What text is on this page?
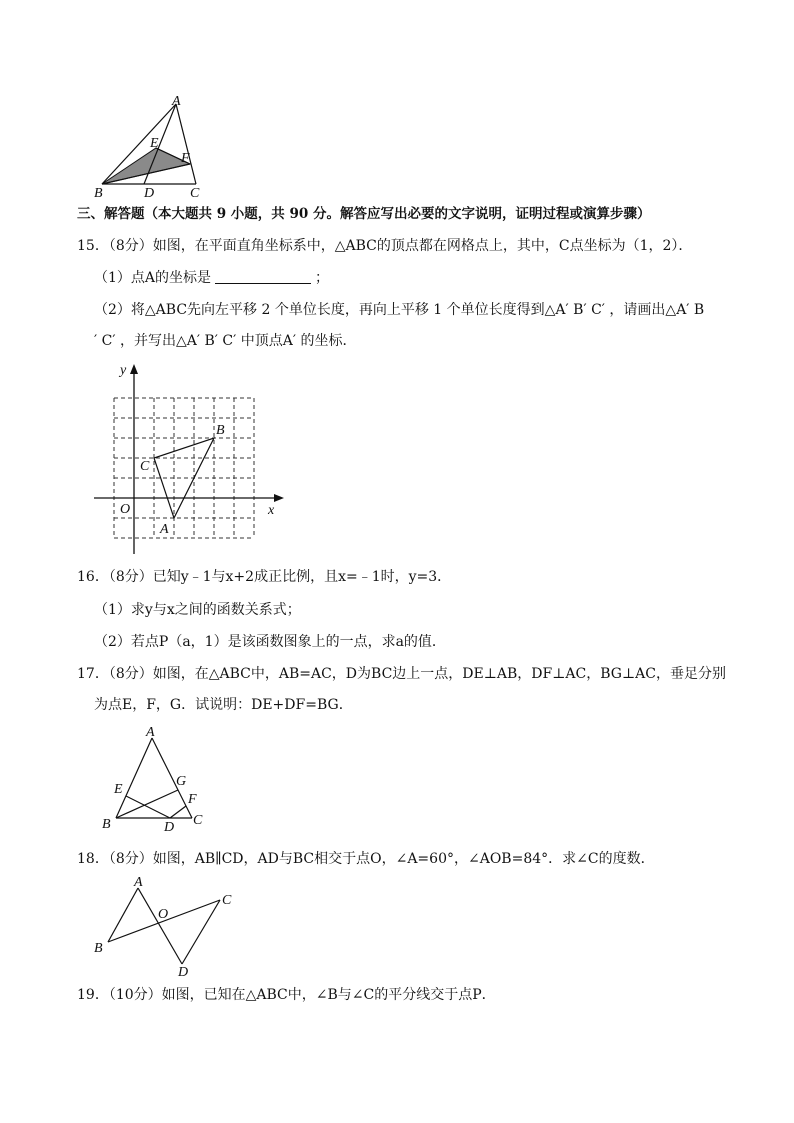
A
E
F
B	D	C
三、解答题（本大题共 9 小题，共 90 分。解答应写出必要的文字说明，证明过程或演算步骤）
15．（8分）如图，在平面直角坐标系中，△ABC的顶点都在网格点上，其中，C点坐标为（1，2）．
（1）点A的坐标是	；
（2）将△ABC先向左平移 2 个单位长度，再向上平移 1 个单位长度得到△A′ B′ C′ ，请画出△A′ B
′ C′ ，并写出△A′ B′ C′ 中顶点A′ 的坐标．
y
x
O
B
C
A
16．（8分）已知y﹣1与x+2成正比例，且x=﹣1时，y=3．
（1）求y与x之间的函数关系式；
（2）若点P（a，1）是该函数图象上的一点，求a的值．
17．（8分）如图，在△ABC中，AB=AC，D为BC边上一点，DE⊥AB，DF⊥AC，BG⊥AC，垂足分别
为点E，F，G．试说明：DE+DF=BG．
A
E
G
F
B	D C
18．（8分）如图，AB∥CD，AD与BC相交于点O，∠A=60°，∠AOB=84°．求∠C的度数．
A
O
C
B
D
19．（10分）如图，已知在△ABC中，∠B与∠C的平分线交于点P．
